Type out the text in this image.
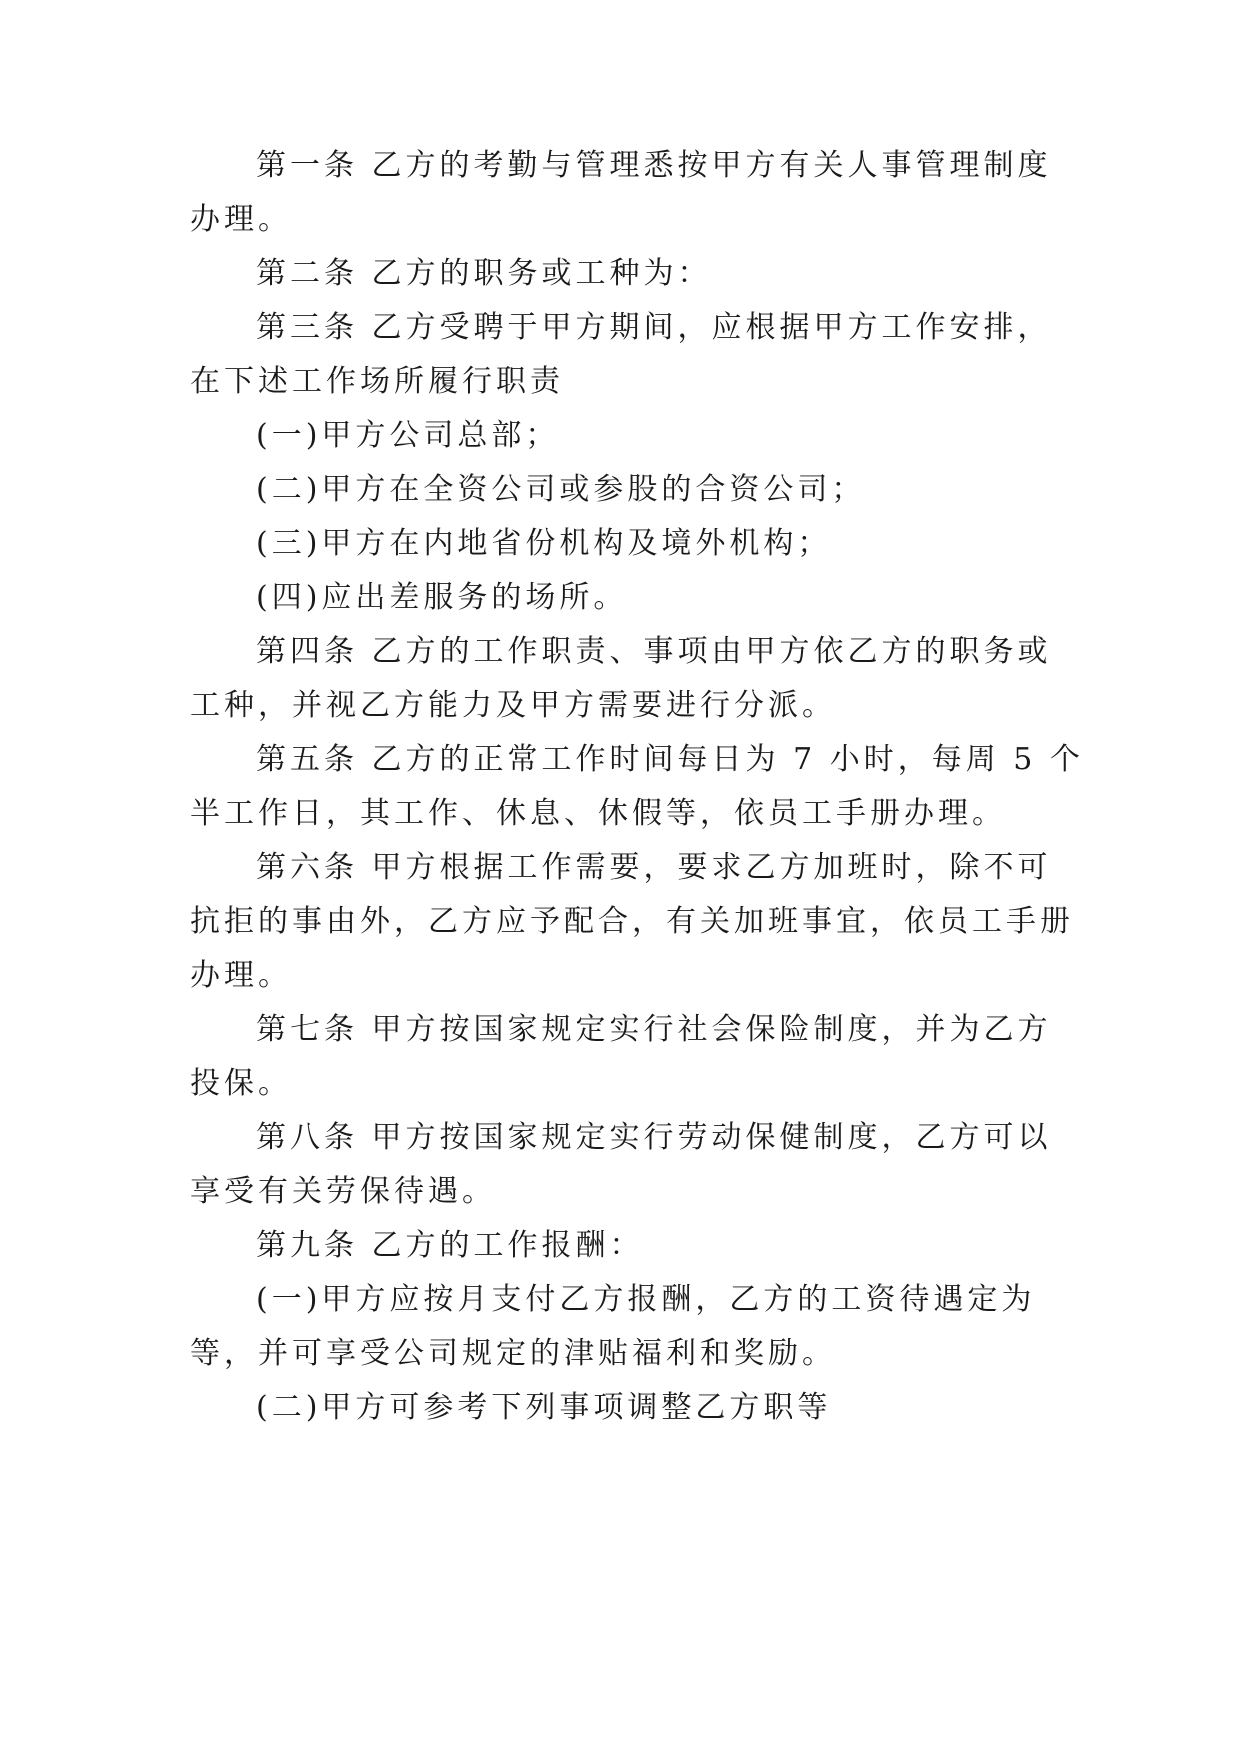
第一条 乙方的考勤与管理悉按甲方有关人事管理制度
办理。
第二条 乙方的职务或工种为：
第三条 乙方受聘于甲方期间，应根据甲方工作安排，
在下述工作场所履行职责
(一)甲方公司总部；
(二)甲方在全资公司或参股的合资公司；
(三)甲方在内地省份机构及境外机构；
(四)应出差服务的场所。
第四条 乙方的工作职责、事项由甲方依乙方的职务或
工种，并视乙方能力及甲方需要进行分派。
第五条 乙方的正常工作时间每日为 7 小时，每周 5 个
半工作日，其工作、休息、休假等，依员工手册办理。
第六条 甲方根据工作需要，要求乙方加班时，除不可
抗拒的事由外，乙方应予配合，有关加班事宜，依员工手册
办理。
第七条 甲方按国家规定实行社会保险制度，并为乙方
投保。
第八条 甲方按国家规定实行劳动保健制度，乙方可以
享受有关劳保待遇。
第九条 乙方的工作报酬：
(一)甲方应按月支付乙方报酬，乙方的工资待遇定为
等，并可享受公司规定的津贴福利和奖励。
(二)甲方可参考下列事项调整乙方职等
